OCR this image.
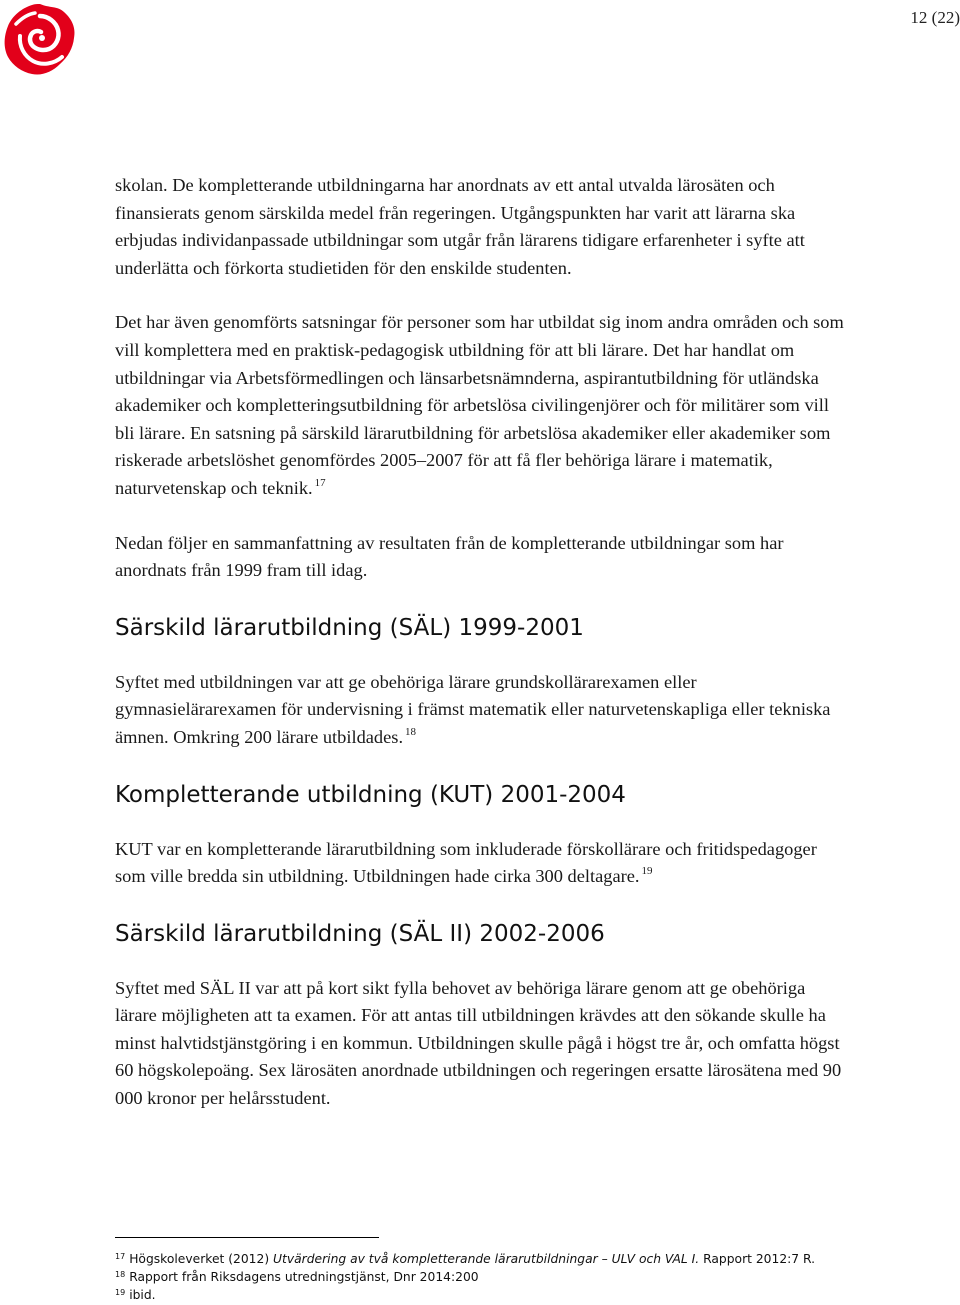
12 (22)

skolan. De kompletterande utbildningarna har anordnats av ett antal utvalda lärosäten och finansierats genom särskilda medel från regeringen. Utgångspunkten har varit att lärarna ska erbjudas individanpassade utbildningar som utgår från lärarens tidigare erfarenheter i syfte att underlätta och förkorta studietiden för den enskilde studenten.

Det har även genomförts satsningar för personer som har utbildat sig inom andra områden och som vill komplettera med en praktisk-pedagogisk utbildning för att bli lärare. Det har handlat om utbildningar via Arbetsförmedlingen och länsarbetsnämnderna, aspirantutbildning för utländska akademiker och kompletteringsutbildning för arbetslösa civilingenjörer och för militärer som vill bli lärare. En satsning på särskild lärarutbildning för arbetslösa akademiker eller akademiker som riskerade arbetslöshet genomfördes 2005–2007 för att få fler behöriga lärare i matematik, naturvetenskap och teknik. $^{17}$

Nedan följer en sammanfattning av resultaten från de kompletterande utbildningar som har anordnats från 1999 fram till idag.

Särskild lärarutbildning (SÄL) 1999-2001

Syftet med utbildningen var att ge obehöriga lärare grundskollärarexamen eller gymnasielärarexamen för undervisning i främst matematik eller naturvetenskapliga eller tekniska ämnen. Omkring 200 lärare utbildades. $^{18}$

Kompletterande utbildning (KUT) 2001-2004

KUT var en kompletterande lärarutbildning som inkluderade förskollärare och fritidspedagoger som ville bredda sin utbildning. Utbildningen hade cirka 300 deltagare. $^{19}$

Särskild lärarutbildning (SÄL II) 2002-2006

Syftet med SÄL II var att på kort sikt fylla behovet av behöriga lärare genom att ge obehöriga lärare möjligheten att ta examen. För att antas till utbildningen krävdes att den sökande skulle ha minst halvtidstjänstgöring i en kommun. Utbildningen skulle pågå i högst tre år, och omfatta högst 60 högskolepoäng. Sex lärosäten anordnade utbildningen och regeringen ersatte lärosätena med 90 000 kronor per helårsstudent.

$^{17}$ Högskoleverket (2012) Utvärdering av två kompletterande lärarutbildningar – ULV och VAL I. Rapport 2012:7 R.
$^{18}$ Rapport från Riksdagens utredningstjänst, Dnr 2014:200
$^{19}$ ibid.
